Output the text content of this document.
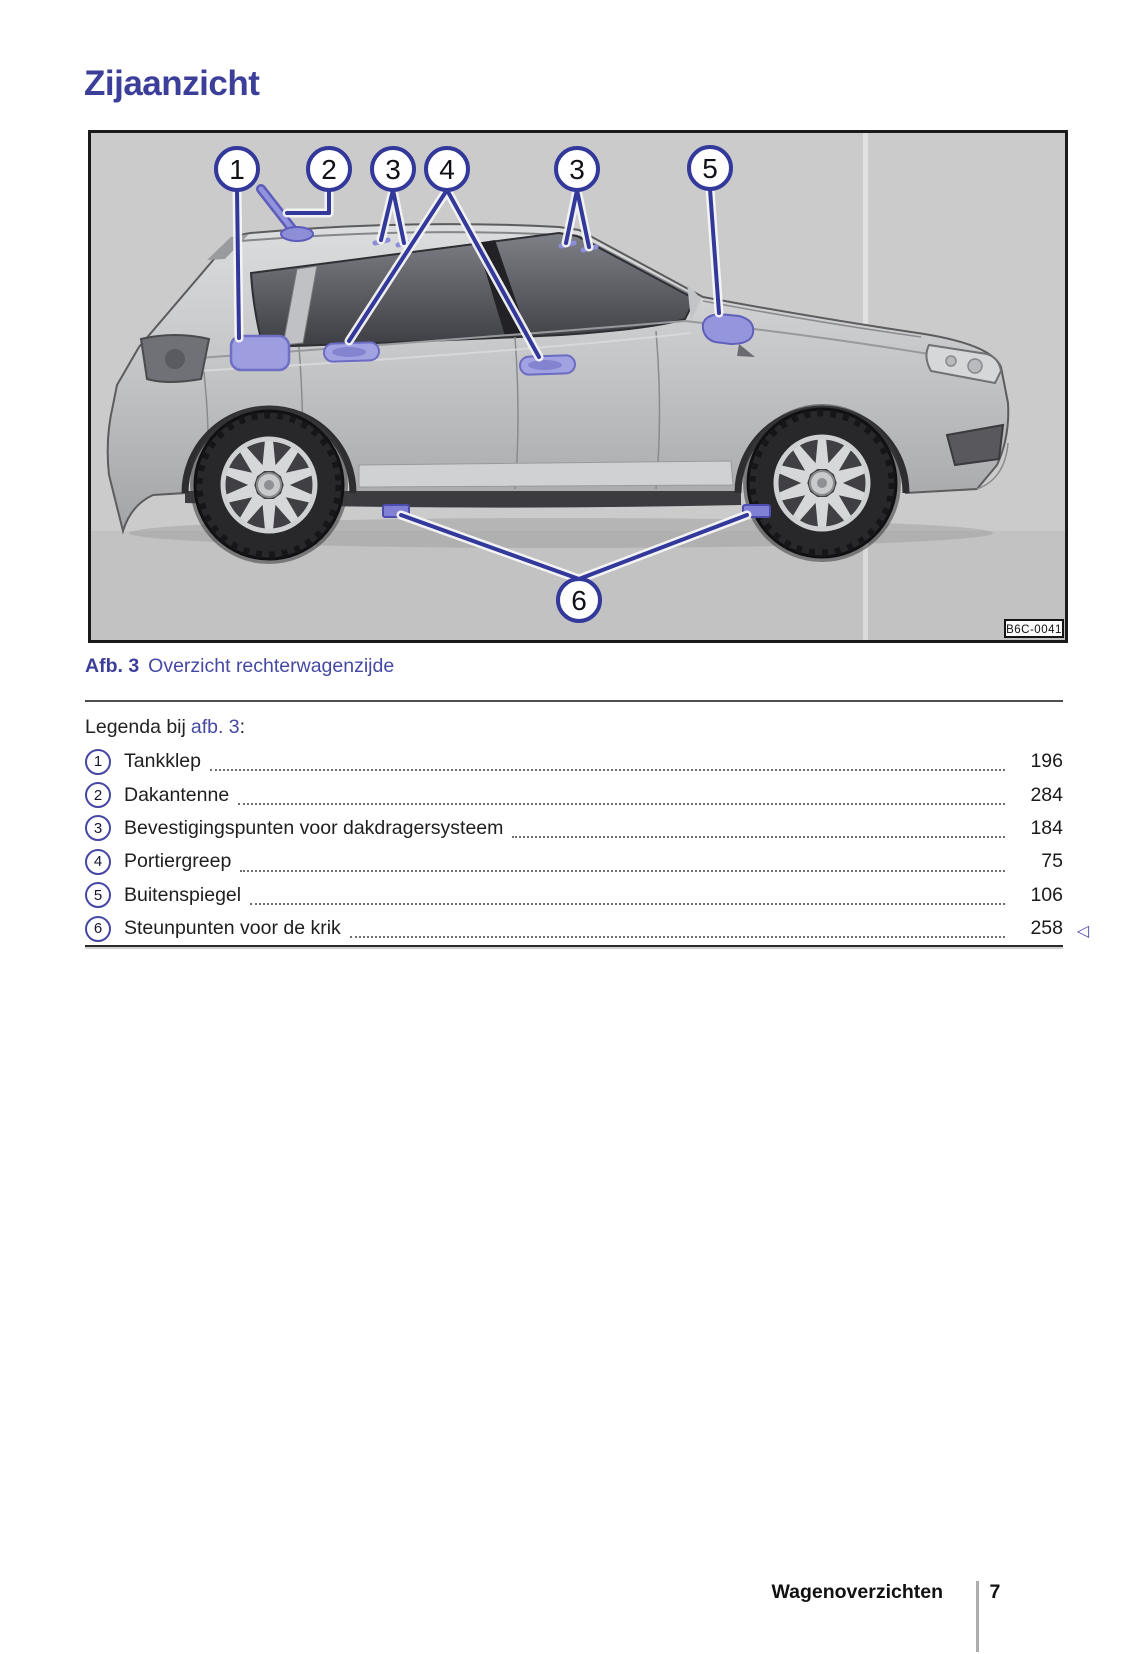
Zijaanzicht
1	2 3 4	3	5
6
B6C-0041

Afb. 3 Overzicht rechterwagenzijde

Legenda bij afb. 3:

1	Tankklep	196
2	Dakantenne	284
3	Bevestigingspunten voor dakdragersysteem	184
4	Portiergreep	75
5	Buitenspiegel	106
6	Steunpunten voor de krik	258 ◁
Wagenoverzichten 7
